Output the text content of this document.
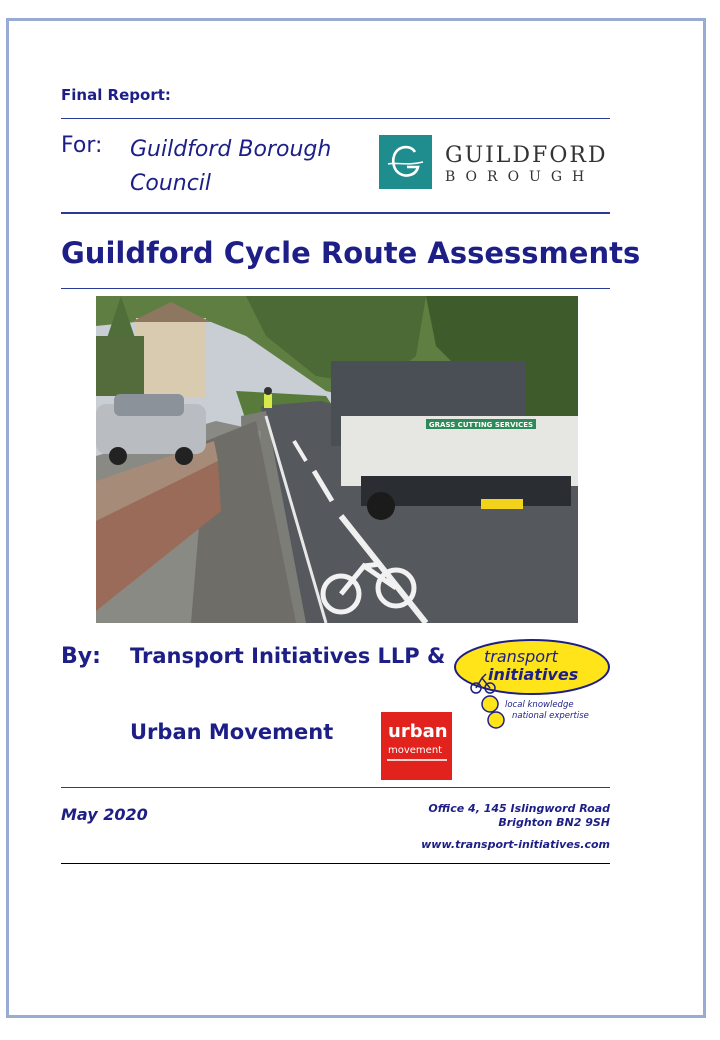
Final Report:
For: Guildford Borough
Council
GUILDFORD
BOROUGH
Guildford Cycle Route Assessments
GRASS CUTTING SERVICES
By: Transport Initiatives LLP &
Urban Movement
transport
initiatives
local knowledge
national expertise
urban
movement
May 2020	Office 4, 145 Islingword Road
Brighton BN2 9SH
www.transport-initiatives.com
